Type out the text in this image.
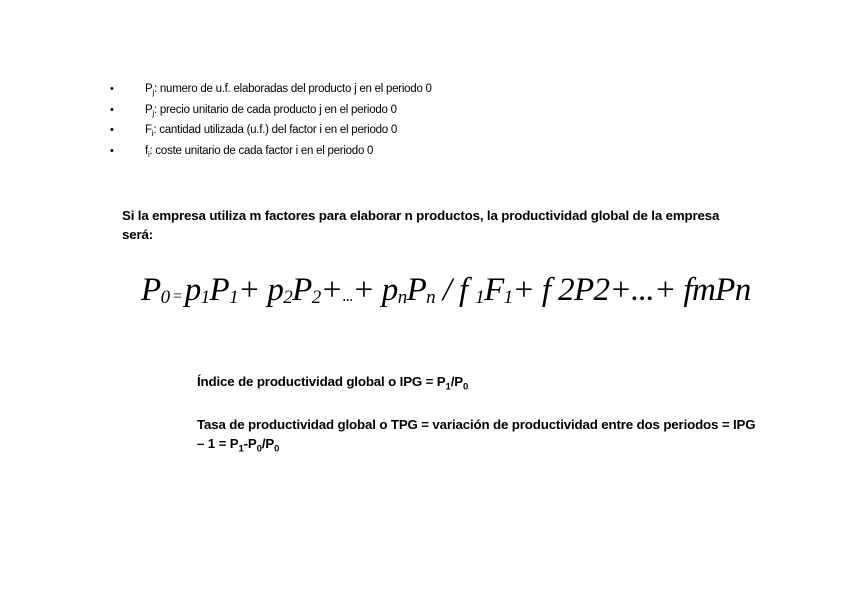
•	$P_j$: numero de u.f. elaboradas del producto j en el periodo 0
•	$P_j$: precio unitario de cada producto j en el periodo 0
•	$F_i$: cantidad utilizada (u.f.) del factor i en el periodo 0
•	$f_i$: coste unitario de cada factor i en el periodo 0
Si la empresa utiliza m factores para elaborar n productos, la productividad global de la empresa será:
P0 = p1P1+ p2P2+...+ pnPn / f 1F1+ f 2P2+...+ fmPn
Índice de productividad global o IPG = $P_1/P_0$
Tasa de productividad global o TPG = variación de productividad entre dos periodos = IPG – $1 = P_1-P_0/P_0$
